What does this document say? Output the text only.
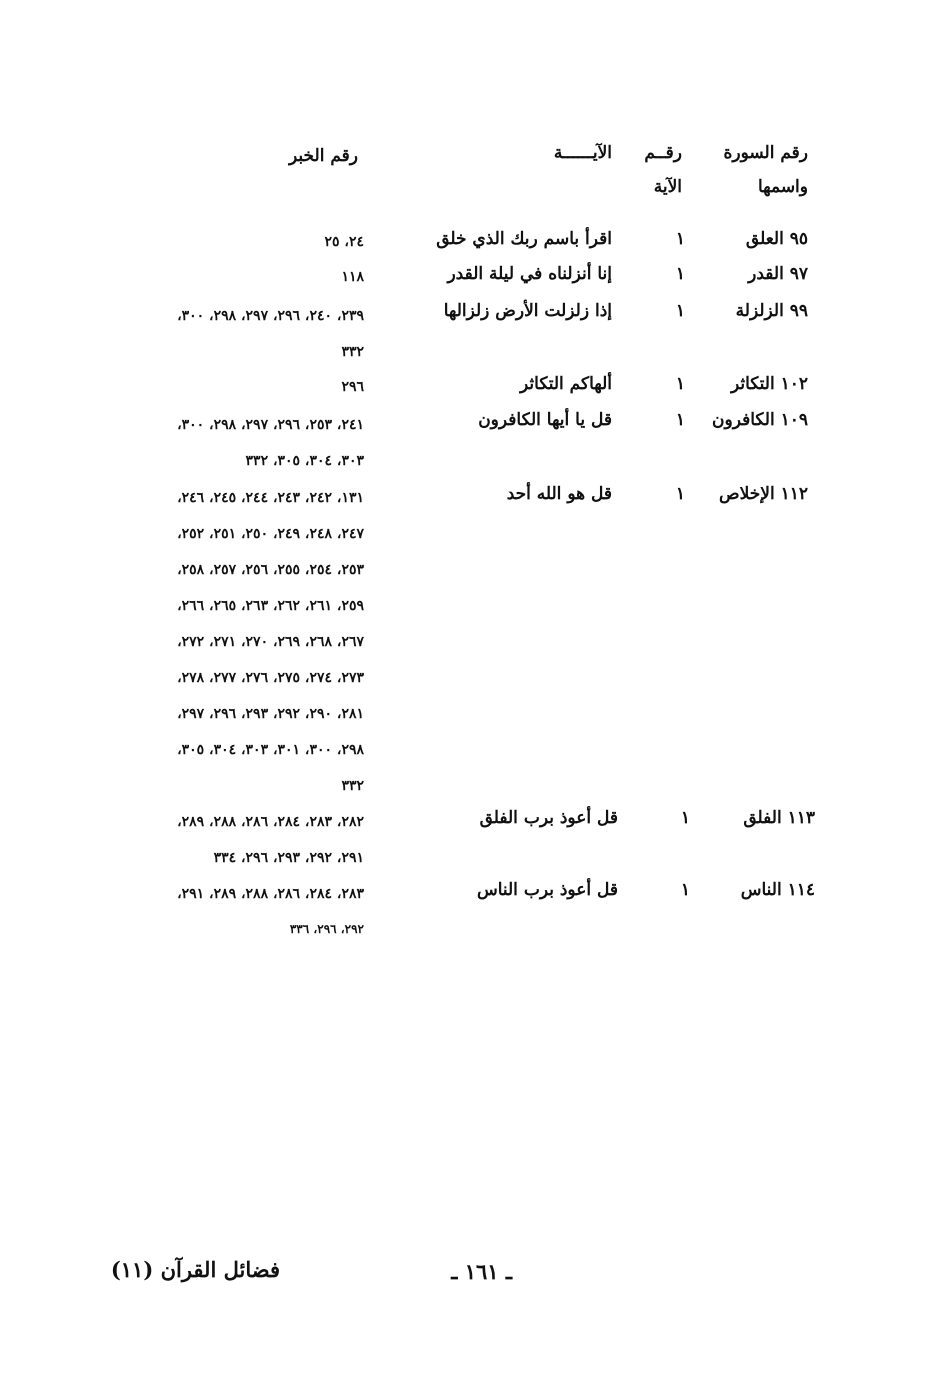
رقم السورة
واسمها
رقــم
الآية
الآيــــــة
رقم الخبر
٩٥ العلق
١
اقرأ باسم ربك الذي خلق
٢٤، ٢٥
٩٧ القدر
١
إنا أنزلناه في ليلة القدر
١١٨
٩٩ الزلزلة
١
إذا زلزلت الأرض زلزالها
٢٣٩، ٢٤٠، ٢٩٦، ٢٩٧، ٢٩٨، ٣٠٠،
٣٣٢
١٠٢ التكاثر
١
ألهاكم التكاثر
٢٩٦
١٠٩ الكافرون
١
قل يا أيها الكافرون
٢٤١، ٢٥٣، ٢٩٦، ٢٩٧، ٢٩٨، ٣٠٠،
٣٠٣، ٣٠٤، ٣٠٥، ٣٣٢
١١٢ الإخلاص
١
قل هو الله أحد
١٣١، ٢٤٢، ٢٤٣، ٢٤٤، ٢٤٥، ٢٤٦،
٢٤٧، ٢٤٨، ٢٤٩، ٢٥٠، ٢٥١، ٢٥٢،
٢٥٣، ٢٥٤، ٢٥٥، ٢٥٦، ٢٥٧، ٢٥٨،
٢٥٩، ٢٦١، ٢٦٢، ٢٦٣، ٢٦٥، ٢٦٦،
٢٦٧، ٢٦٨، ٢٦٩، ٢٧٠، ٢٧١، ٢٧٢،
٢٧٣، ٢٧٤، ٢٧٥، ٢٧٦، ٢٧٧، ٢٧٨،
٢٨١، ٢٩٠، ٢٩٢، ٢٩٣، ٢٩٦، ٢٩٧،
٢٩٨، ٣٠٠، ٣٠١، ٣٠٣، ٣٠٤، ٣٠٥،
٣٣٢
١١٣ الفلق
١
قل أعوذ برب الفلق
٢٨٢، ٢٨٣، ٢٨٤، ٢٨٦، ٢٨٨، ٢٨٩،
٢٩١، ٢٩٢، ٢٩٣، ٢٩٦، ٣٣٤
١١٤ الناس
١
قل أعوذ برب الناس
٢٨٣، ٢٨٤، ٢٨٦، ٢٨٨، ٢٨٩، ٢٩١،
٢٩٢، ٢٩٦، ٣٣٦
ـ ١٦١ ـ
فضائل القرآن (١١)
